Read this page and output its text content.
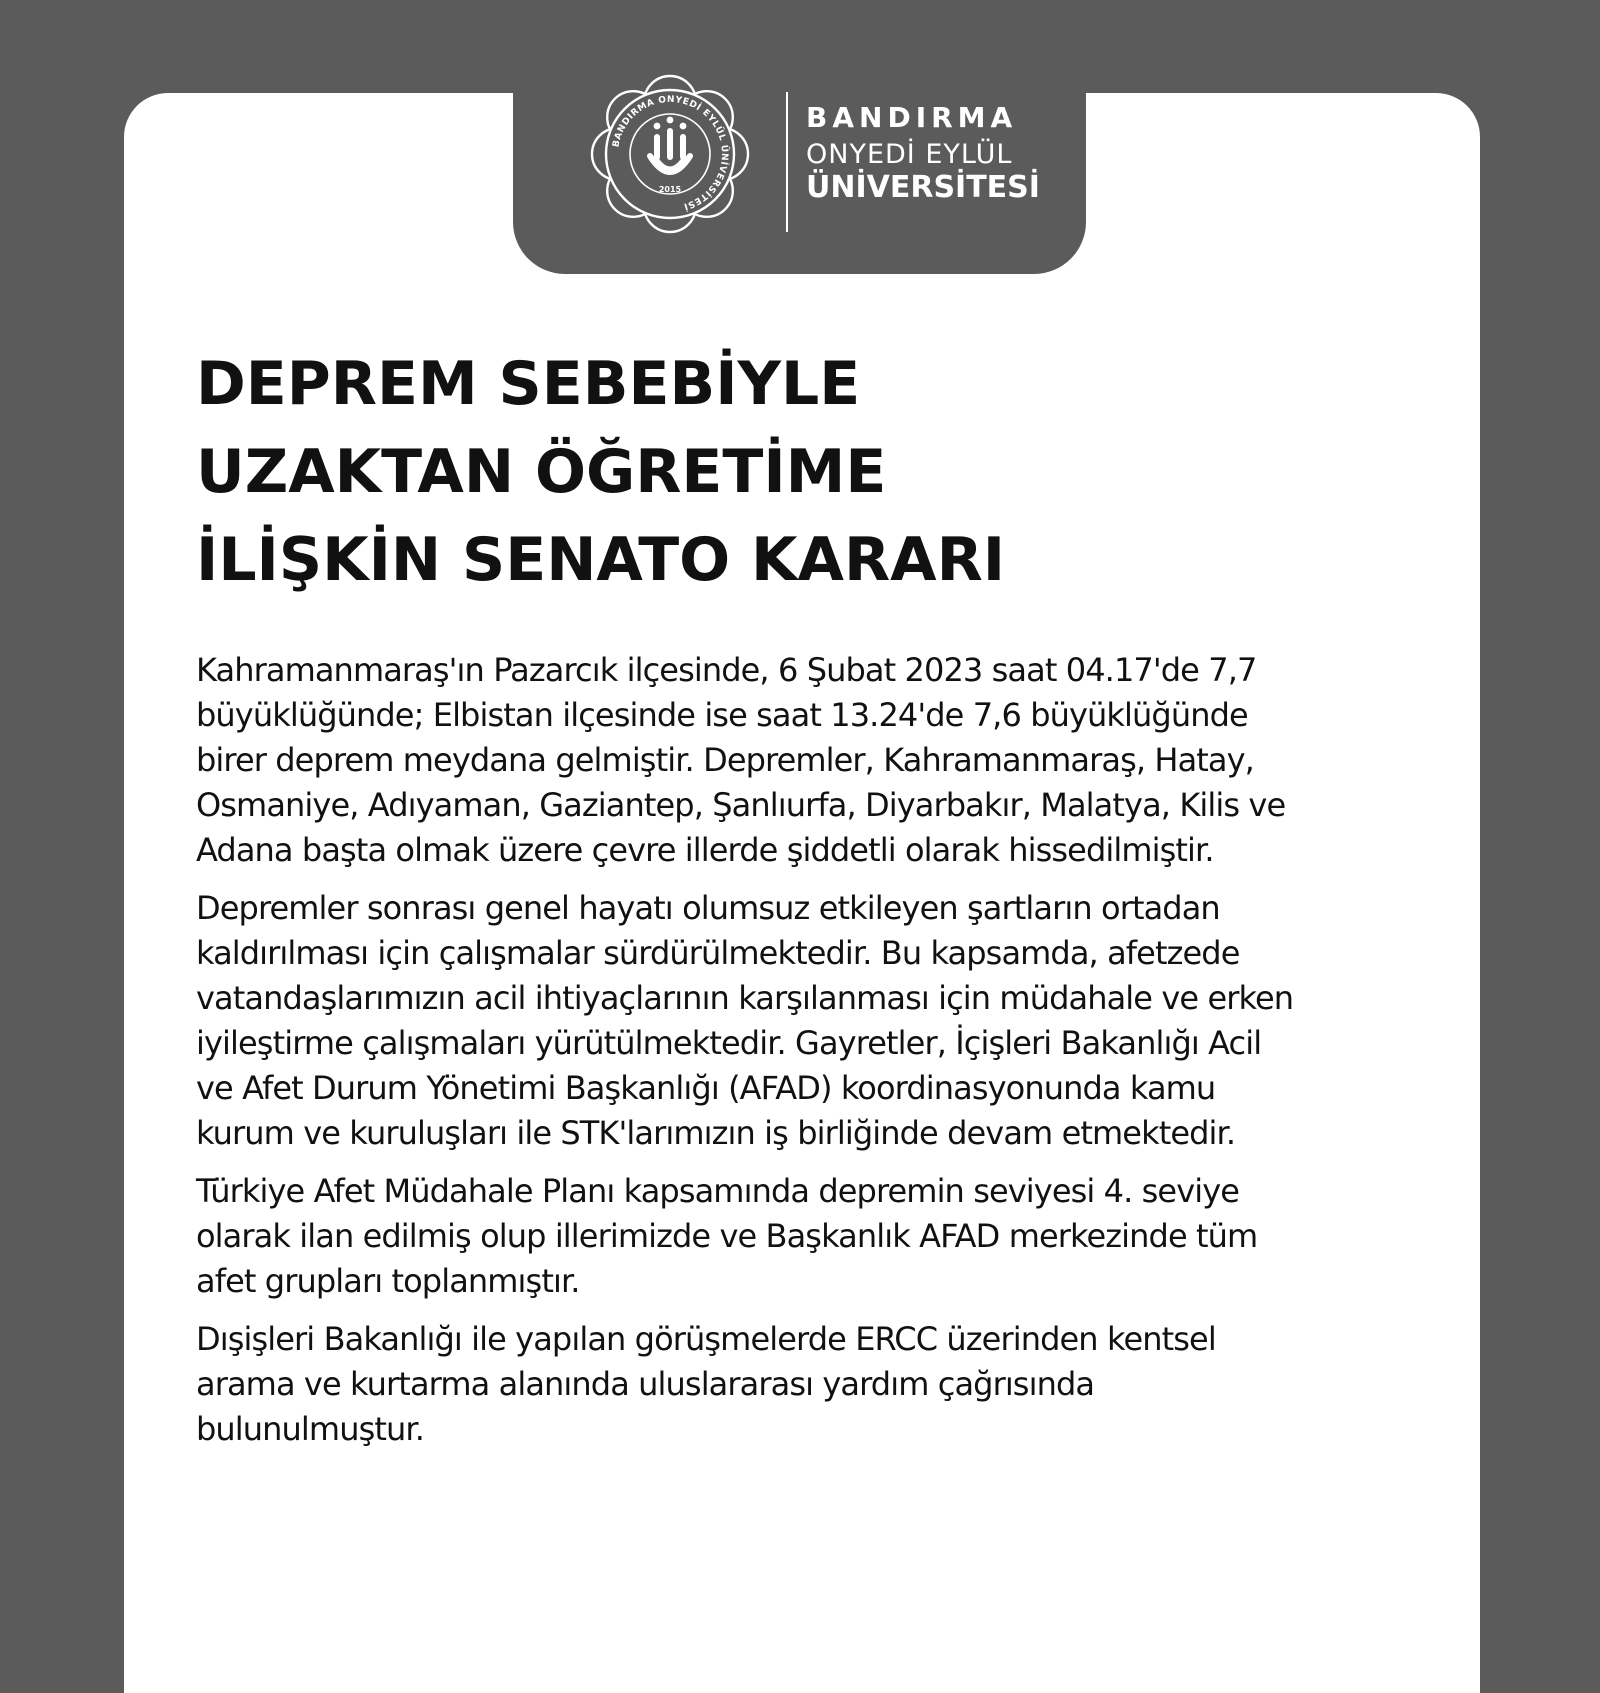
BANDIRMA ONYEDİ EYLÜL ÜNİVERSİTESİ
2015
BANDIRMA
ONYEDİ EYLÜL
ÜNİVERSİTESİ
DEPREM SEBEBİYLE
UZAKTAN ÖĞRETİME
İLİŞKİN SENATO KARARI

Kahramanmaraş'ın Pazarcık ilçesinde, 6 Şubat 2023 saat 04.17'de 7,7
büyüklüğünde; Elbistan ilçesinde ise saat 13.24'de 7,6 büyüklüğünde
birer deprem meydana gelmiştir. Depremler, Kahramanmaraş, Hatay,
Osmaniye, Adıyaman, Gaziantep, Şanlıurfa, Diyarbakır, Malatya, Kilis ve
Adana başta olmak üzere çevre illerde şiddetli olarak hissedilmiştir.

Depremler sonrası genel hayatı olumsuz etkileyen şartların ortadan
kaldırılması için çalışmalar sürdürülmektedir. Bu kapsamda, afetzede
vatandaşlarımızın acil ihtiyaçlarının karşılanması için müdahale ve erken
iyileştirme çalışmaları yürütülmektedir. Gayretler, İçişleri Bakanlığı Acil
ve Afet Durum Yönetimi Başkanlığı (AFAD) koordinasyonunda kamu
kurum ve kuruluşları ile STK'larımızın iş birliğinde devam etmektedir.

Türkiye Afet Müdahale Planı kapsamında depremin seviyesi 4. seviye
olarak ilan edilmiş olup illerimizde ve Başkanlık AFAD merkezinde tüm
afet grupları toplanmıştır.

Dışişleri Bakanlığı ile yapılan görüşmelerde ERCC üzerinden kentsel
arama ve kurtarma alanında uluslararası yardım çağrısında
bulunulmuştur.
